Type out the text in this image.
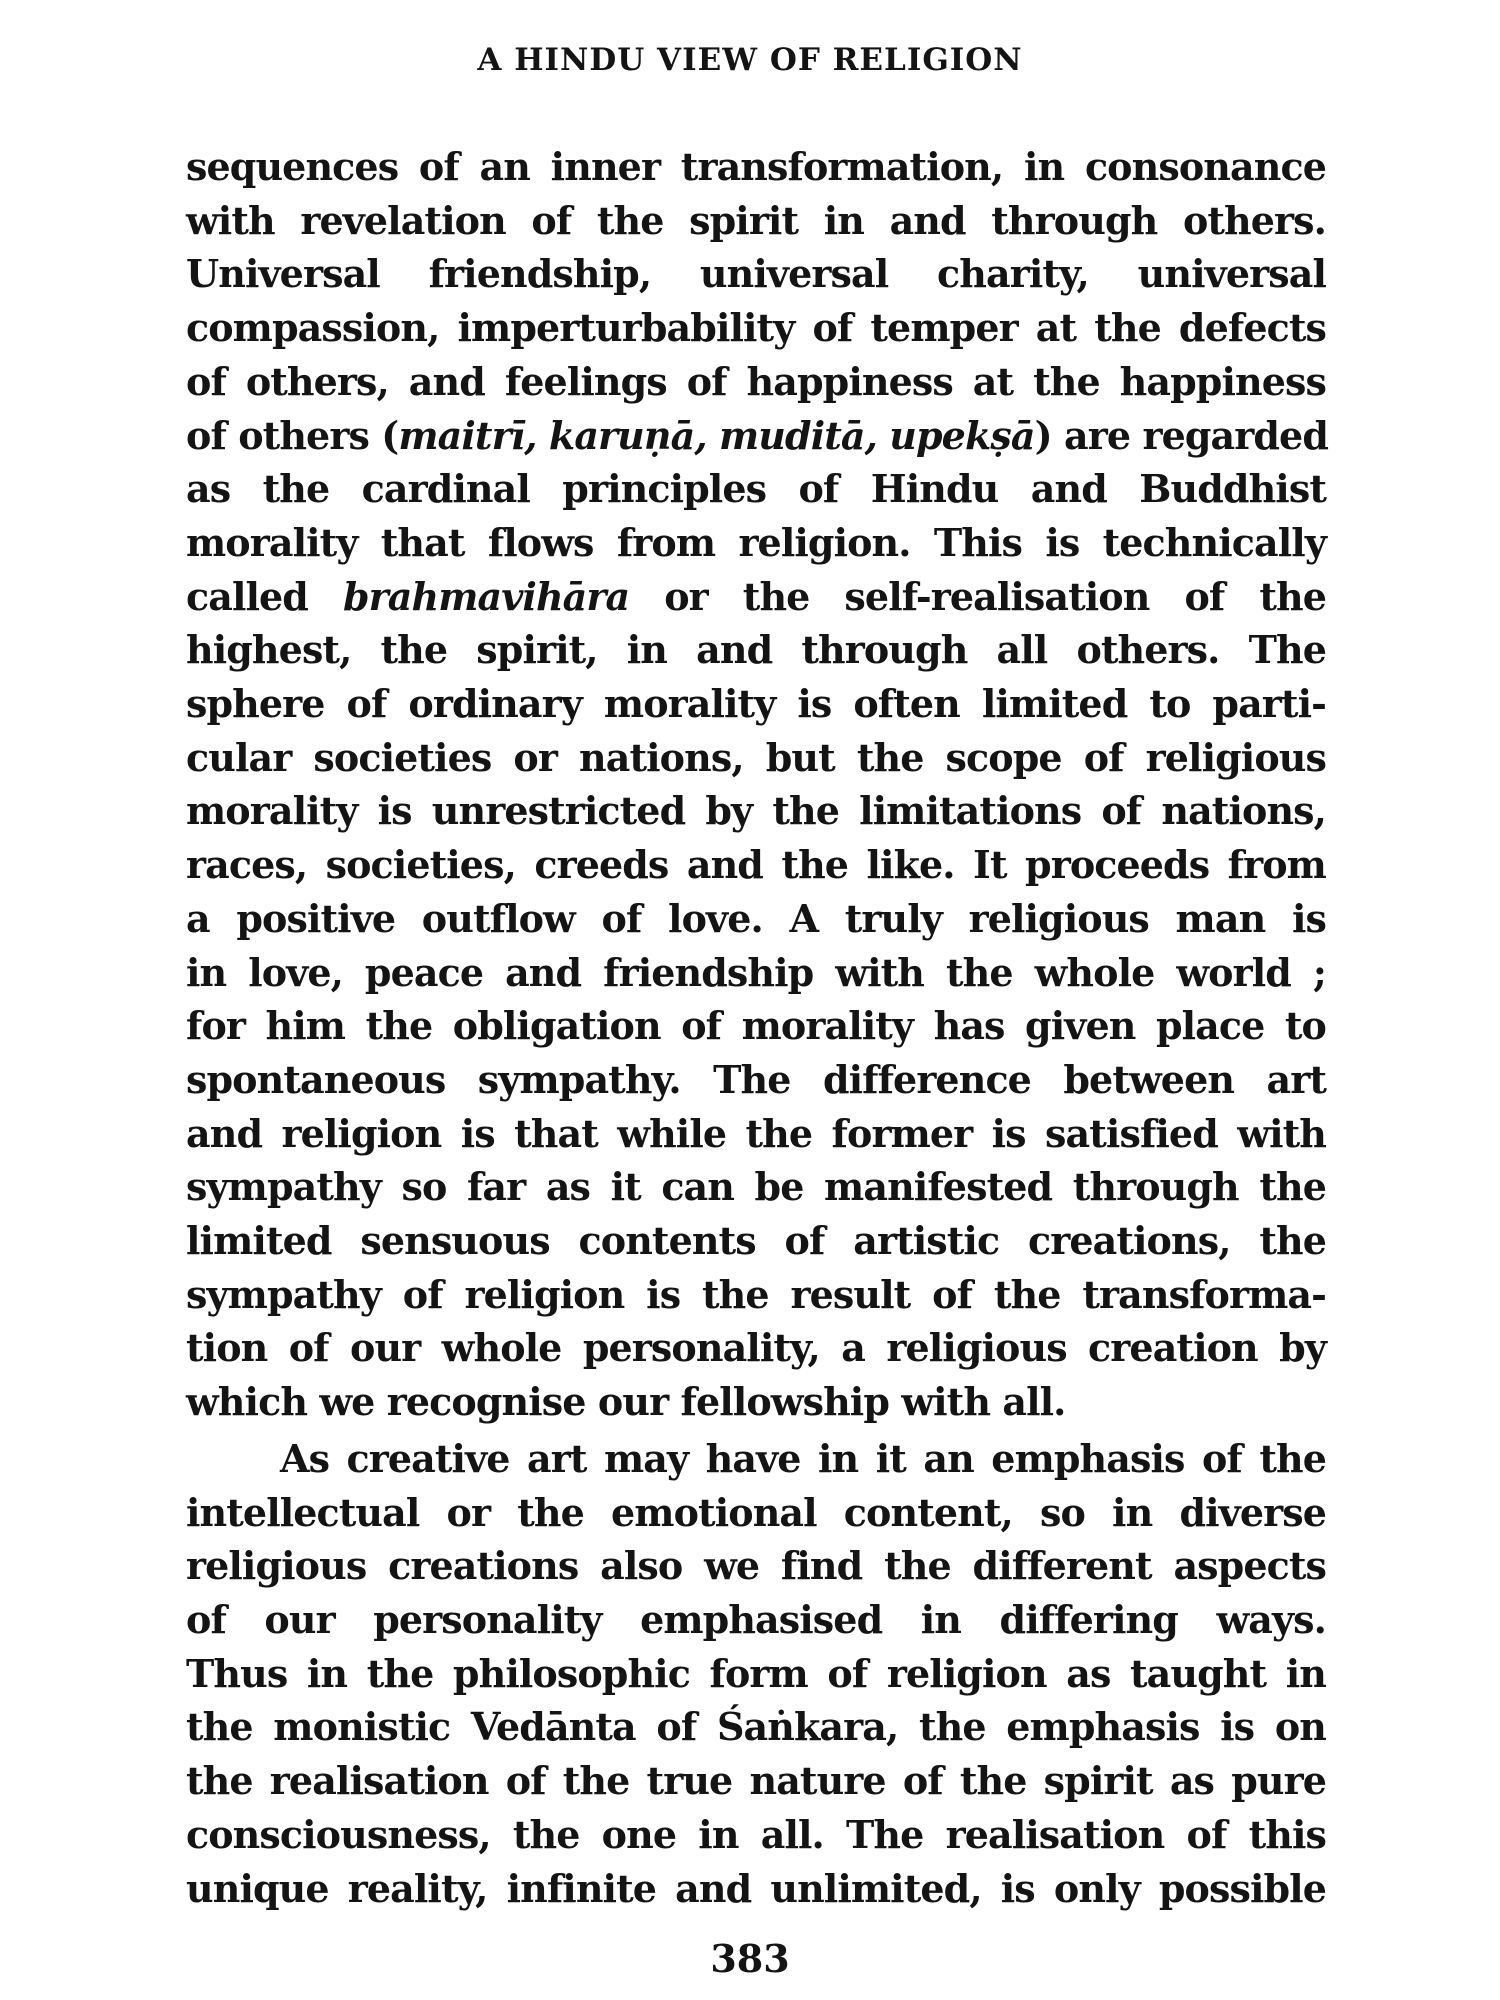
A HINDU VIEW OF RELIGION
sequences of an inner transformation, in consonance
with revelation of the spirit in and through others.
Universal friendship, universal charity, universal
compassion, imperturbability of temper at the defects
of others, and feelings of happiness at the happiness
of others (maitrī, karuṇā, muditā, upekṣā) are regarded
as the cardinal principles of Hindu and Buddhist
morality that flows from religion. This is technically
called brahmavihāra or the self-realisation of the
highest, the spirit, in and through all others. The
sphere of ordinary morality is often limited to parti-
cular societies or nations, but the scope of religious
morality is unrestricted by the limitations of nations,
races, societies, creeds and the like. It proceeds from
a positive outflow of love. A truly religious man is
in love, peace and friendship with the whole world ;
for him the obligation of morality has given place to
spontaneous sympathy. The difference between art
and religion is that while the former is satisfied with
sympathy so far as it can be manifested through the
limited sensuous contents of artistic creations, the
sympathy of religion is the result of the transforma-
tion of our whole personality, a religious creation by
which we recognise our fellowship with all.
As creative art may have in it an emphasis of the
intellectual or the emotional content, so in diverse
religious creations also we find the different aspects
of our personality emphasised in differing ways.
Thus in the philosophic form of religion as taught in
the monistic Vedānta of Śaṅkara, the emphasis is on
the realisation of the true nature of the spirit as pure
consciousness, the one in all. The realisation of this
unique reality, infinite and unlimited, is only possible
383
